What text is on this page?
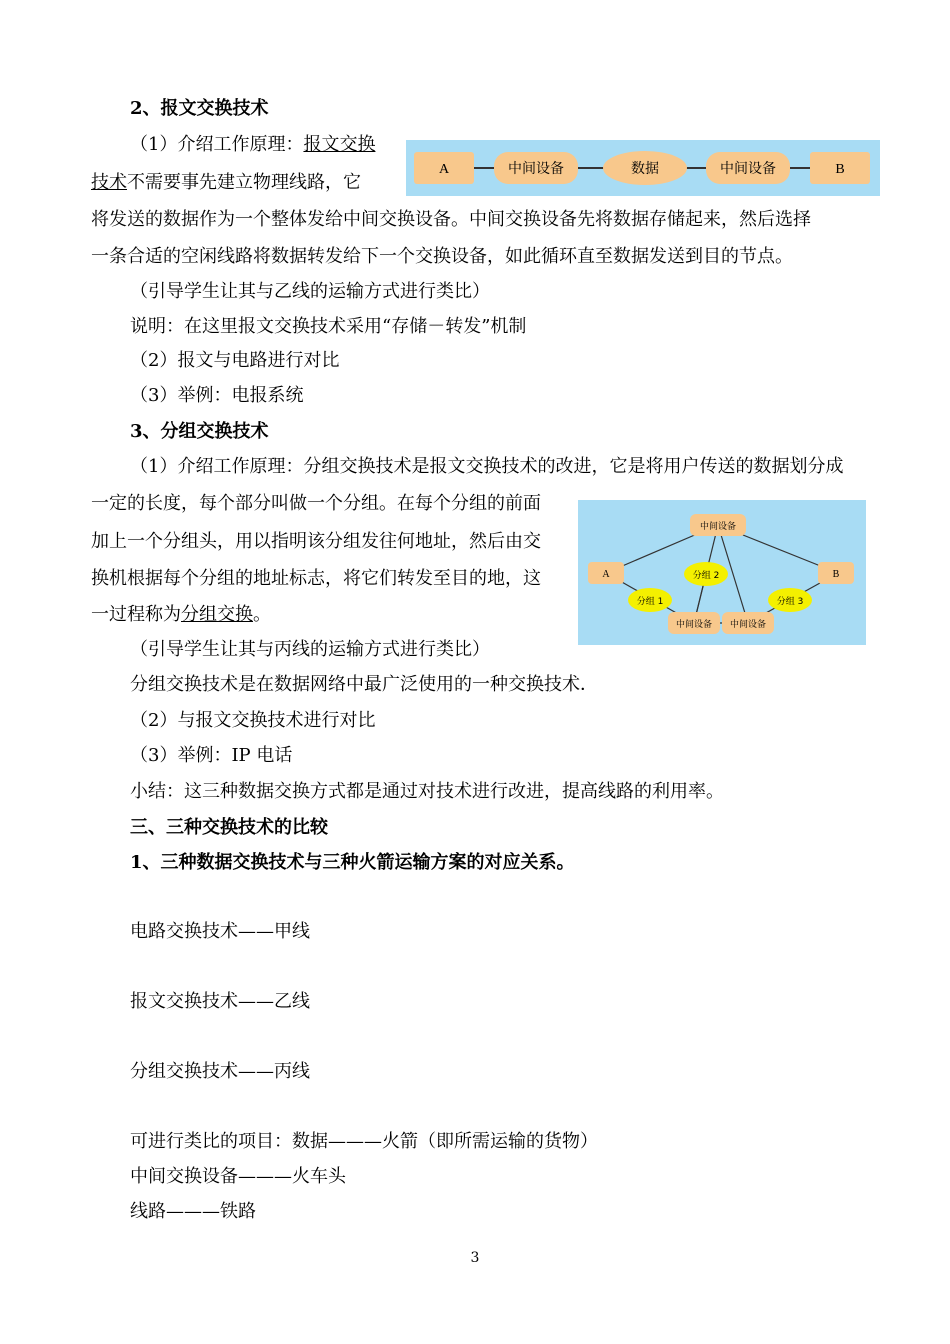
2、报文交换技术
（1）介绍工作原理：报文交换
技术不需要事先建立物理线路，它
将发送的数据作为一个整体发给中间交换设备。中间交换设备先将数据存储起来，然后选择
一条合适的空闲线路将数据转发给下一个交换设备，如此循环直至数据发送到目的节点。
（引导学生让其与乙线的运输方式进行类比）
说明：在这里报文交换技术采用“存储－转发”机制
（2）报文与电路进行对比
（3）举例：电报系统
A	中间设备	数据	中间设备	B
3、分组交换技术
（1）介绍工作原理：分组交换技术是报文交换技术的改进，它是将用户传送的数据划分成
一定的长度，每个部分叫做一个分组。在每个分组的前面
加上一个分组头，用以指明该分组发往何地址，然后由交
换机根据每个分组的地址标志，将它们转发至目的地，这
一过程称为分组交换。
（引导学生让其与丙线的运输方式进行类比）
分组交换技术是在数据网络中最广泛使用的一种交换技术．
（2）与报文交换技术进行对比
（3）举例：IP 电话
小结：这三种数据交换方式都是通过对技术进行改进，提高线路的利用率。
中间设备
A	B
分组 2
分组 1	分组 3
中间设备 中间设备
三、三种交换技术的比较
1、三种数据交换技术与三种火箭运输方案的对应关系。
电路交换技术——甲线
报文交换技术——乙线
分组交换技术——丙线
可进行类比的项目：数据———火箭（即所需运输的货物）
中间交换设备———火车头
线路———铁路
3
